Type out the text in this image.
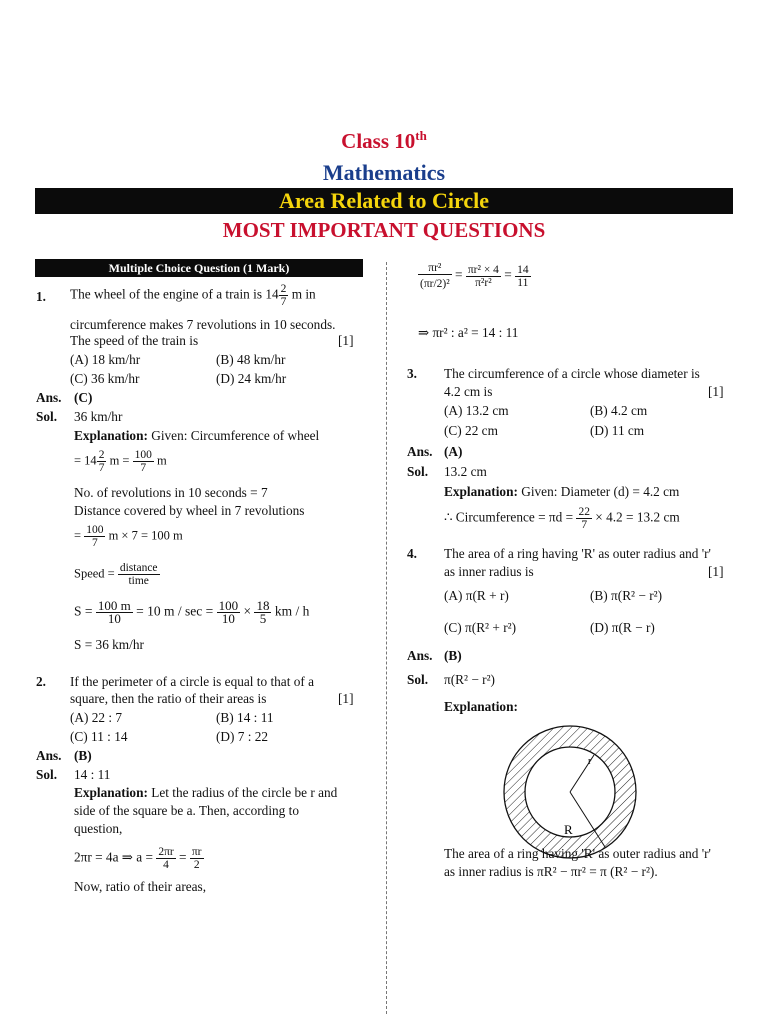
Class 10th
Mathematics
Area Related to Circle
MOST IMPORTANT QUESTIONS
Multiple Choice Question (1 Mark)
1. The wheel of the engine of a train is $14 \frac{2}{7}$ m in
circumference makes 7 revolutions in 10 seconds.
The speed of the train is	[1]
(A) 18 km/hr	(B) 48 km/hr
(C) 36 km/hr	(D) 24 km/hr
Ans. (C)
Sol. 36 km/hr
Explanation: Given: Circumference of wheel
= $14 \frac{2}{7}$ $m = \frac{100}{7}$ m
No. of revolutions in 10 seconds = 7
Distance covered by wheel in 7 revolutions
= $\frac{100}{7}$ m × 7 = 100 m
Speed = $\frac{\text{distance}}{\text{time}}$
$S = \frac{100 m}{10} = 10$ $m / \sec = \frac{100}{10} \times \frac{18}{5}$ km / h
S = 36 km/hr
2. If the perimeter of a circle is equal to that of a
square, then the ratio of their areas is	[1]
(A) 22 : 7	(B) 14 : 11
(C) 11 : 14	(D) 7 : 22
Ans. (B)
Sol. 14 : 11
Explanation: Let the radius of the circle be r and
side of the square be a. Then, according to
question,
2πr = 4a ⇒ $a = \frac{2\pi r}{4} = \frac{\pi r}{2}$
Now, ratio of their areas,
$\frac{\text{πr²}}{\text{(πr/2)²}} = \frac{\text{πr² × 4}}{\text{π²r²}} = \frac{14}{11}$
⇒ πr² : a² = 14 : 11
3. The circumference of a circle whose diameter is
4.2 cm is	[1]
(A) 13.2 cm	(B) 4.2 cm
(C) 22 cm	(D) 11 cm
Ans. (A)
Sol. 13.2 cm
Explanation: Given: Diameter (d) = 4.2 cm
∴ Circumference = $\pi d = \frac{22}{7} \times 4.2 = 13.2$ cm
4. The area of a ring having 'R' as outer radius and 'r'
as inner radius is	[1]
(A) π(R + r)	(B) π(R² − r²)
(C) π(R² + r²)	(D) π(R − r)
Ans. (B)
Sol. π(R² − r²)
Explanation:
r
R
The area of a ring having 'R' as outer radius and 'r'
as inner radius is πR² − πr² = π (R² − r²).
